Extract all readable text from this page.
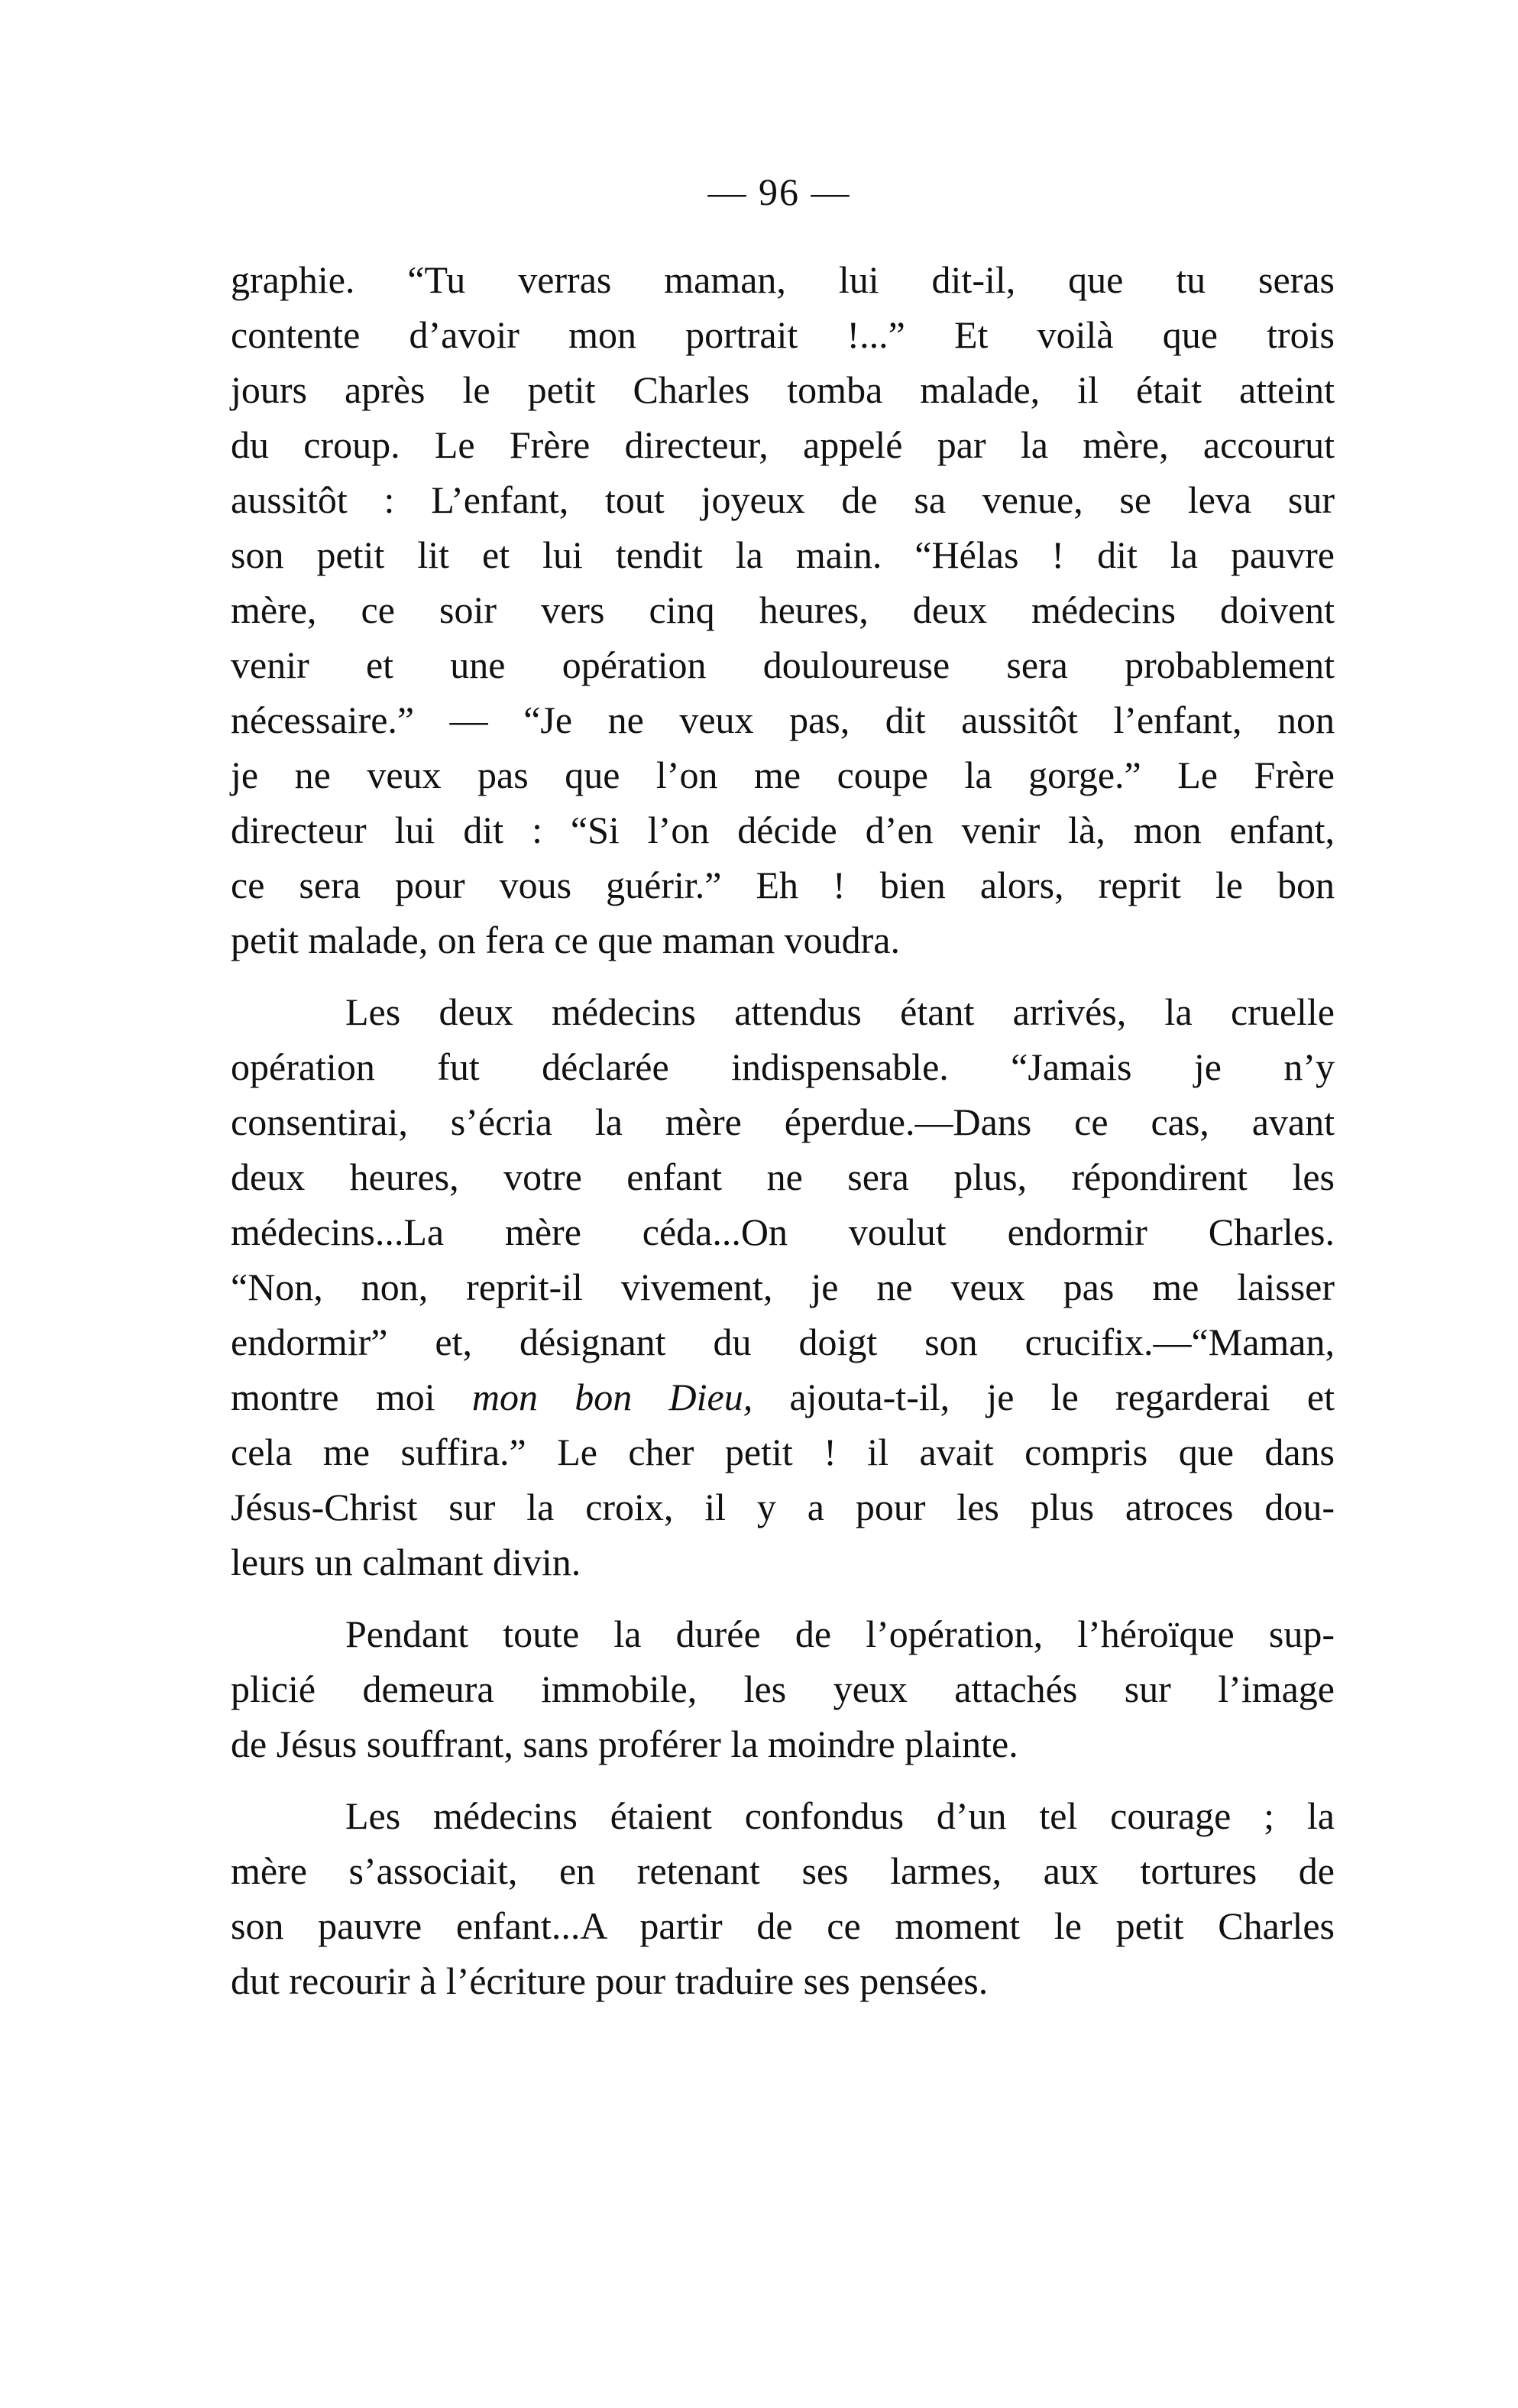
— 96 —
graphie. “Tu verras maman, lui dit-il, que tu seras
contente d’avoir mon portrait !...” Et voilà que trois
jours après le petit Charles tomba malade, il était atteint
du croup. Le Frère directeur, appelé par la mère, accourut
aussitôt : L’enfant, tout joyeux de sa venue, se leva sur
son petit lit et lui tendit la main. “Hélas ! dit la pauvre
mère, ce soir vers cinq heures, deux médecins doivent
venir et une opération douloureuse sera probablement
nécessaire.” — “Je ne veux pas, dit aussitôt l’enfant, non
je ne veux pas que l’on me coupe la gorge.” Le Frère
directeur lui dit : “Si l’on décide d’en venir là, mon enfant,
ce sera pour vous guérir.” Eh ! bien alors, reprit le bon
petit malade, on fera ce que maman voudra.
Les deux médecins attendus étant arrivés, la cruelle
opération fut déclarée indispensable. “Jamais je n’y
consentirai, s’écria la mère éperdue.—Dans ce cas, avant
deux heures, votre enfant ne sera plus, répondirent les
médecins...La mère céda...On voulut endormir Charles.
“Non, non, reprit-il vivement, je ne veux pas me laisser
endormir” et, désignant du doigt son crucifix.—“Maman,
montre moi mon bon Dieu, ajouta-t-il, je le regarderai et
cela me suffira.” Le cher petit ! il avait compris que dans
Jésus-Christ sur la croix, il y a pour les plus atroces dou-
leurs un calmant divin.
Pendant toute la durée de l’opération, l’héroïque sup-
plicié demeura immobile, les yeux attachés sur l’image
de Jésus souffrant, sans proférer la moindre plainte.
Les médecins étaient confondus d’un tel courage ; la
mère s’associait, en retenant ses larmes, aux tortures de
son pauvre enfant...A partir de ce moment le petit Charles
dut recourir à l’écriture pour traduire ses pensées.
